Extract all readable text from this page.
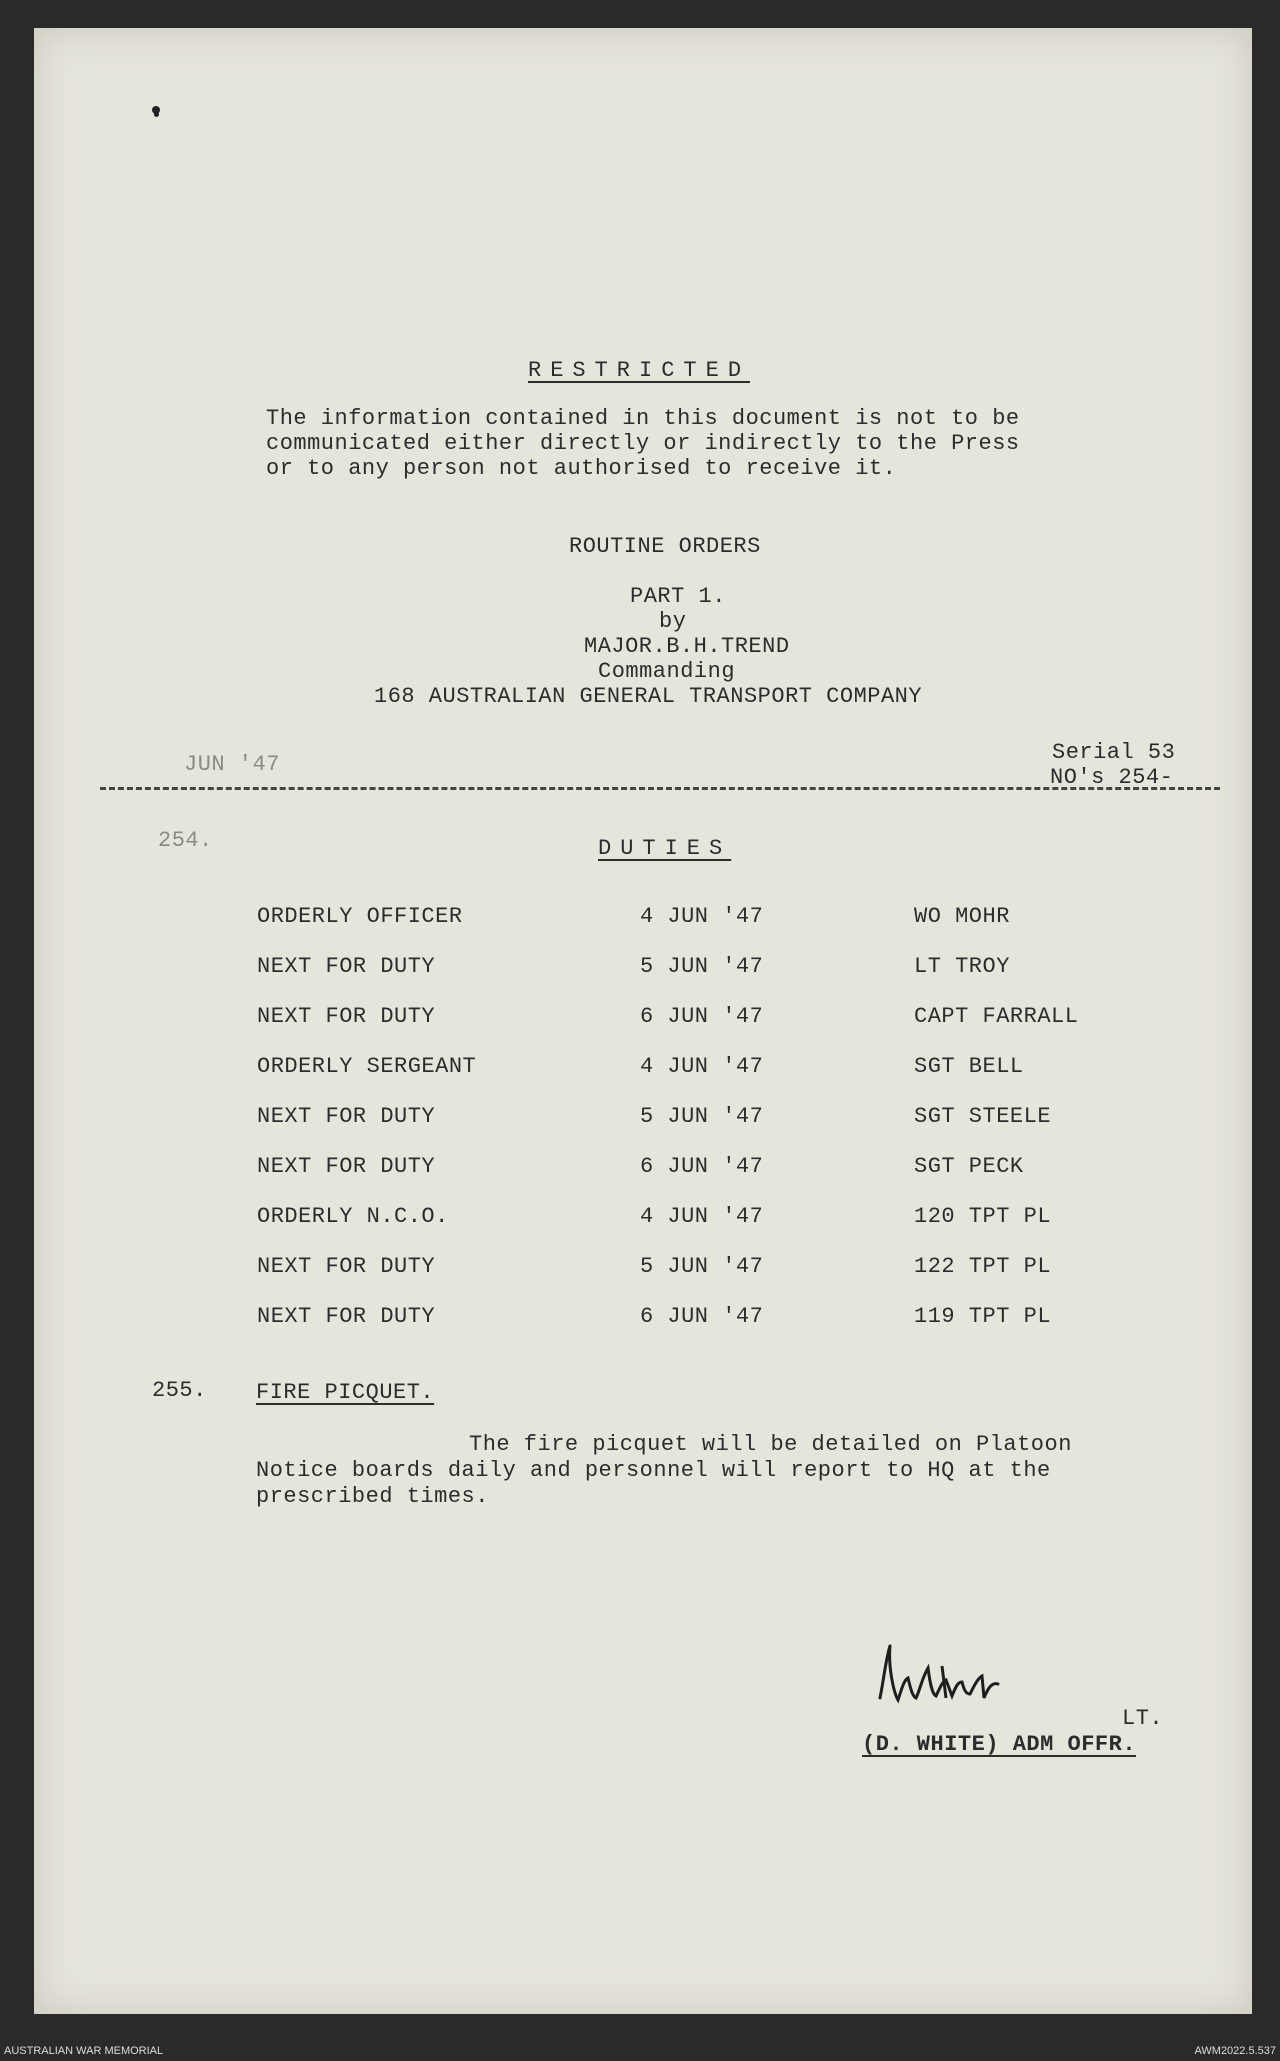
RESTRICTED
The information contained in this document is not to be
communicated either directly or indirectly to the Press
or to any person not authorised to receive it.
ROUTINE ORDERS
PART 1.
by
MAJOR.B.H.TREND
Commanding
168 AUSTRALIAN GENERAL TRANSPORT COMPANY
JUN '47	Serial 53
NO's 254-
254.	DUTIES
ORDERLY OFFICER	4 JUN '47	WO MOHR
NEXT FOR DUTY	5 JUN '47	LT TROY
NEXT FOR DUTY	6 JUN '47	CAPT FARRALL
ORDERLY SERGEANT	4 JUN '47	SGT BELL
NEXT FOR DUTY	5 JUN '47	SGT STEELE
NEXT FOR DUTY	6 JUN '47	SGT PECK
ORDERLY N.C.O.	4 JUN '47	120 TPT PL
NEXT FOR DUTY	5 JUN '47	122 TPT PL
NEXT FOR DUTY	6 JUN '47	119 TPT PL
255. FIRE PICQUET.
The fire picquet will be detailed on Platoon
Notice boards daily and personnel will report to HQ at the
prescribed times.
LT.
(D. WHITE) ADM OFFR.
AUSTRALIAN WAR MEMORIAL	AWM2022.5.537
